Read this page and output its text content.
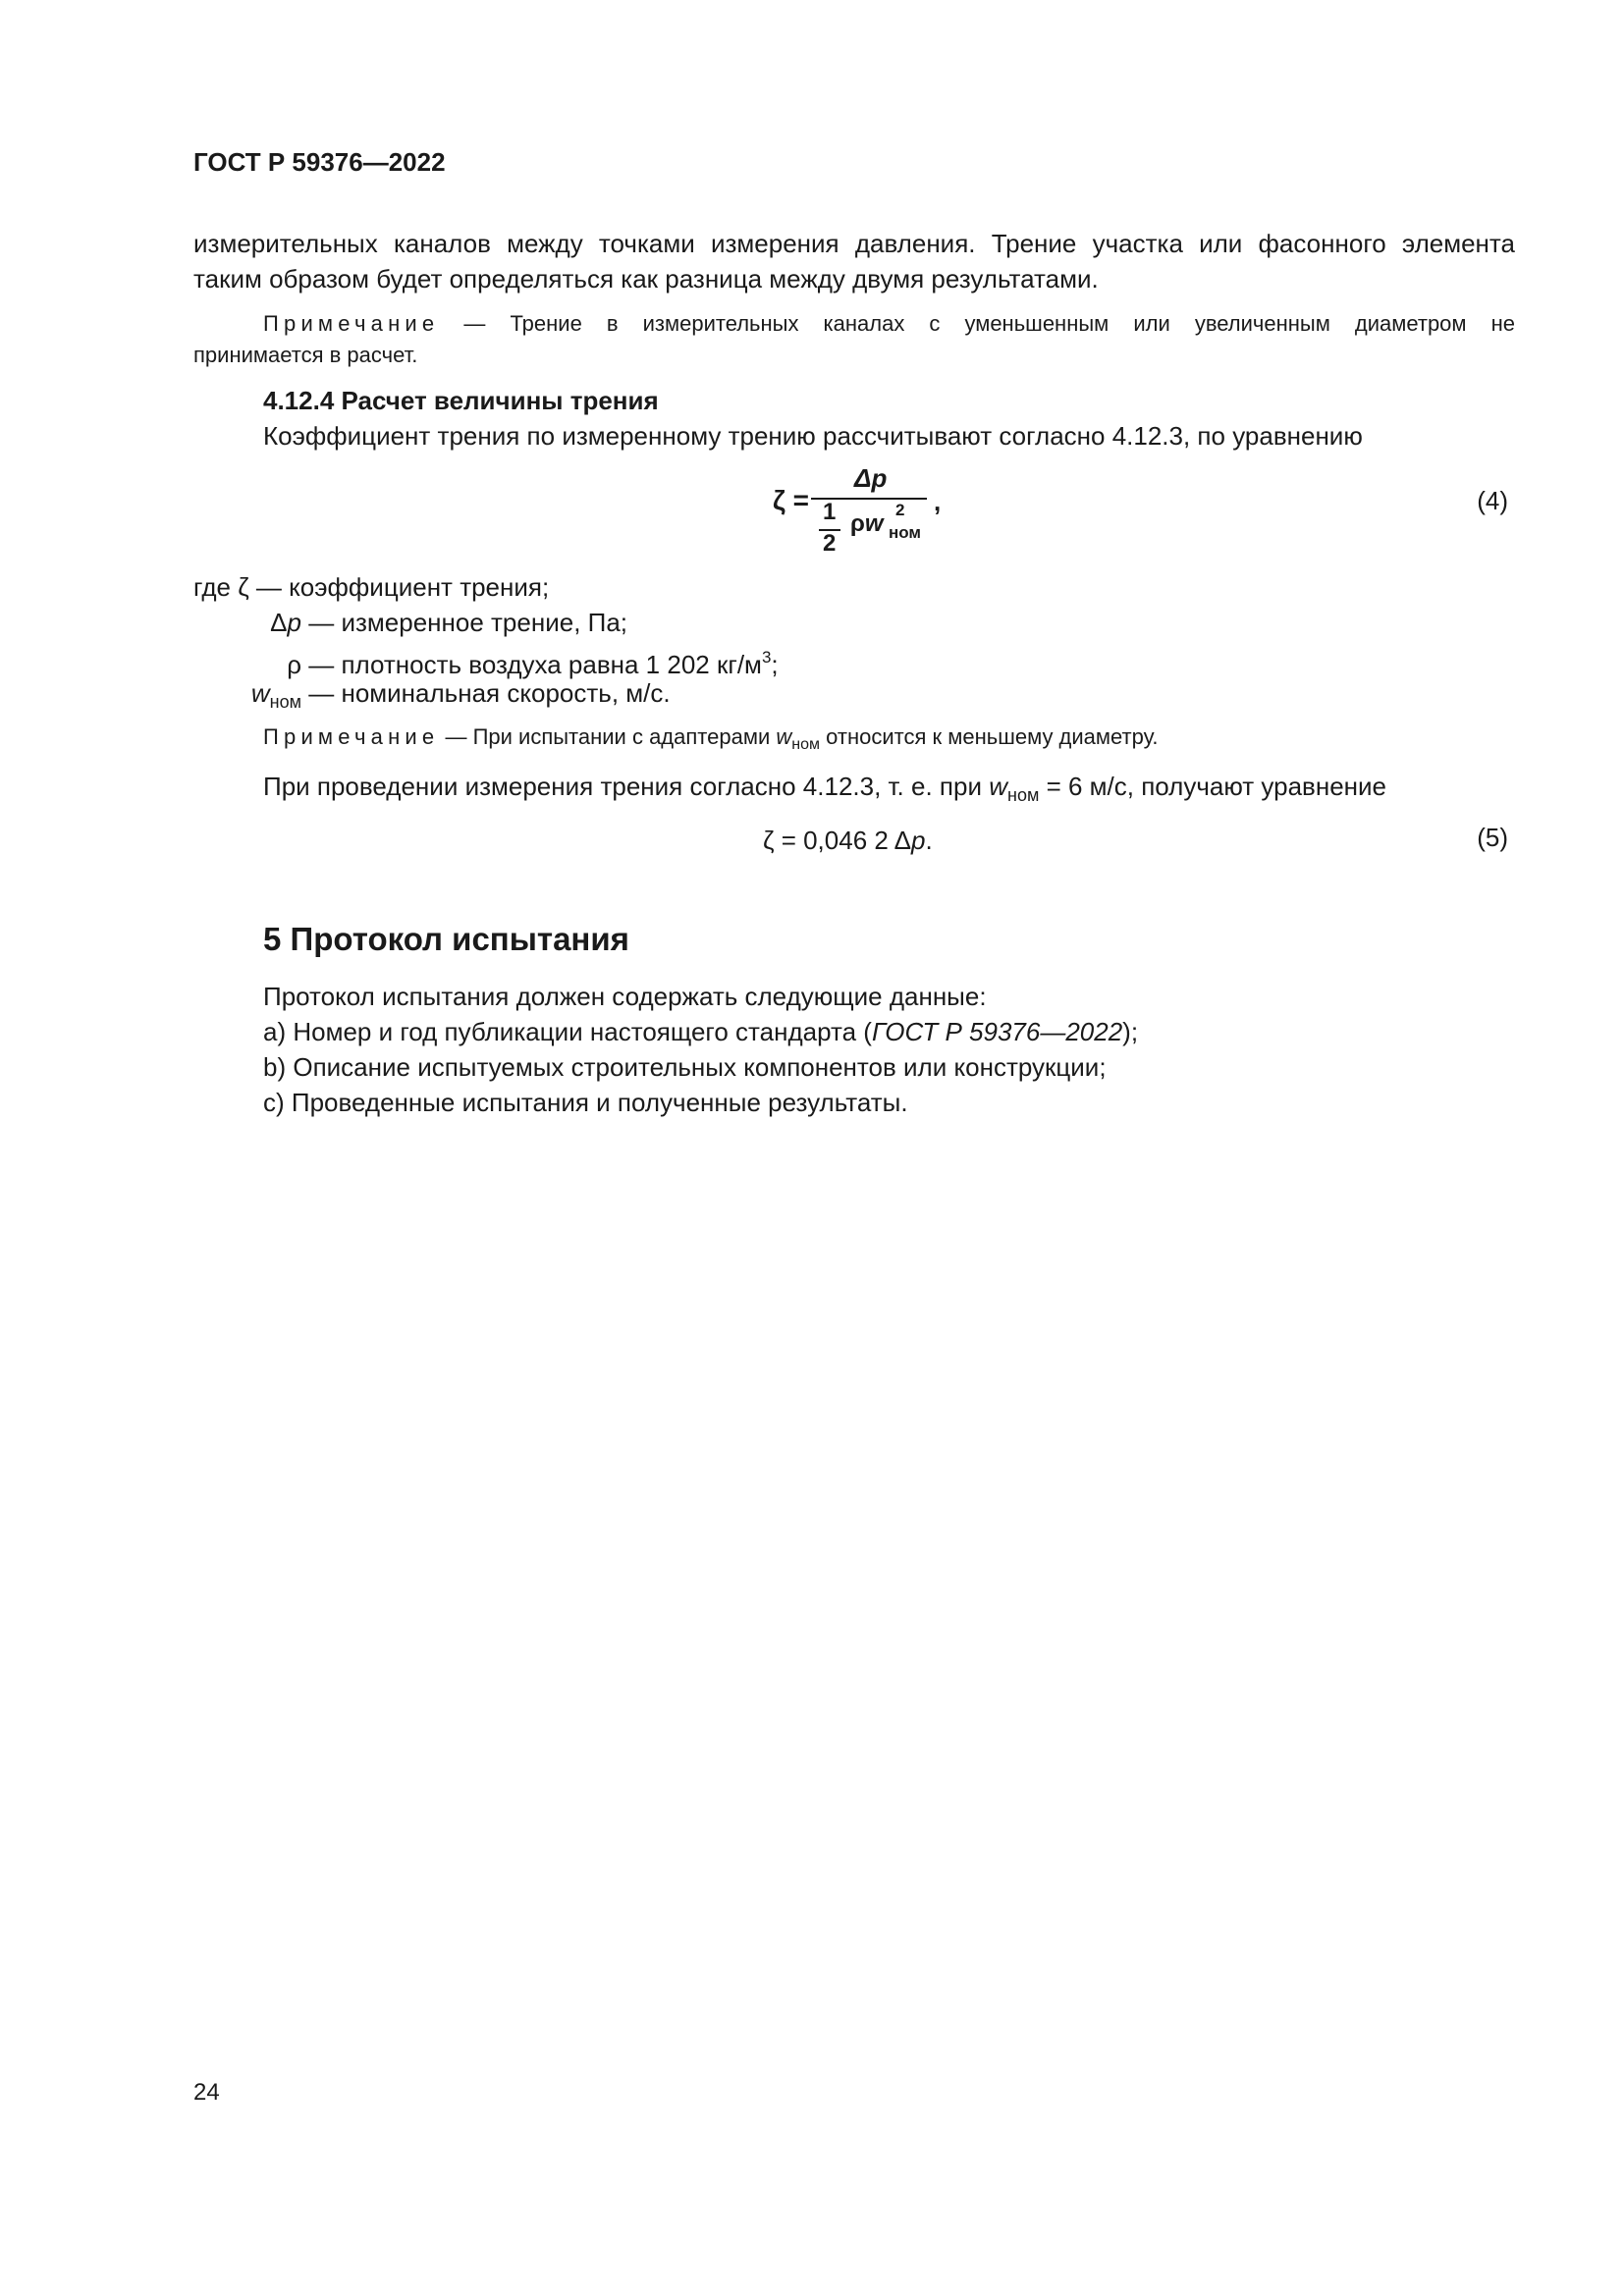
ГОСТ Р 59376—2022
измерительных каналов между точками измерения давления. Трение участка или фасонного элемента
таким образом будет определяться как разница между двумя результатами.
Примечание — Трение в измерительных каналах с уменьшенным или увеличенным диаметром не
принимается в расчет.
4.12.4 Расчет величины трения
Коэффициент трения по измеренному трению рассчитывают согласно 4.12.3, по уравнению
ζ =
Δp
,
1
2
ρw
2
ном
(4)
где ζ — коэффициент трения;
Δp — измеренное трение, Па;
ρ — плотность воздуха равна 1 202 $кг/м^3$;
$w_{ном}$ — номинальная скорость, м/с.
Примечание — При испытании с адаптерами $w_{ном}$ относится к меньшему диаметру.
При проведении измерения трения согласно 4.12.3, т. е. при $w_{ном} = 6$ м/с, получают уравнение
ζ = 0,046 2 Δp.	(5)
5 Протокол испытания
Протокол испытания должен содержать следующие данные:
a) Номер и год публикации настоящего стандарта (ГОСТ Р 59376—2022);
b) Описание испытуемых строительных компонентов или конструкции;
c) Проведенные испытания и полученные результаты.
24
